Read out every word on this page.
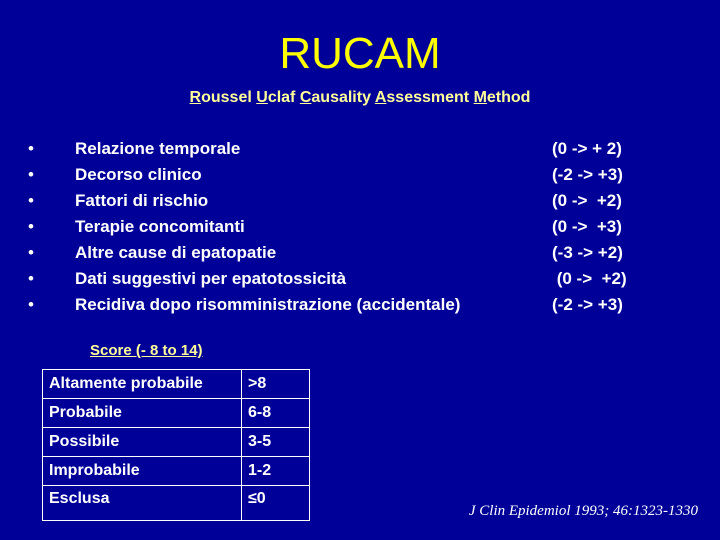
RUCAM
Roussel Uclaf Causality Assessment Method
• Relazione temporale	(0 -> + 2)
• Decorso clinico	(-2 -> +3)
• Fattori di rischio	(0 ->  +2)
• Terapie concomitanti	(0 ->  +3)
• Altre cause di epatopatie	(-3 -> +2)
• Dati suggestivi per epatotossicità	(0 ->  +2)
• Recidiva dopo risomministrazione (accidentale)	(-2 -> +3)
Score (- 8 to 14)
Altamente probabile	>8
Probabile	6-8
Possibile	3-5
Improbabile	1-2
Esclusa	≤0
J Clin Epidemiol 1993; 46:1323-1330
